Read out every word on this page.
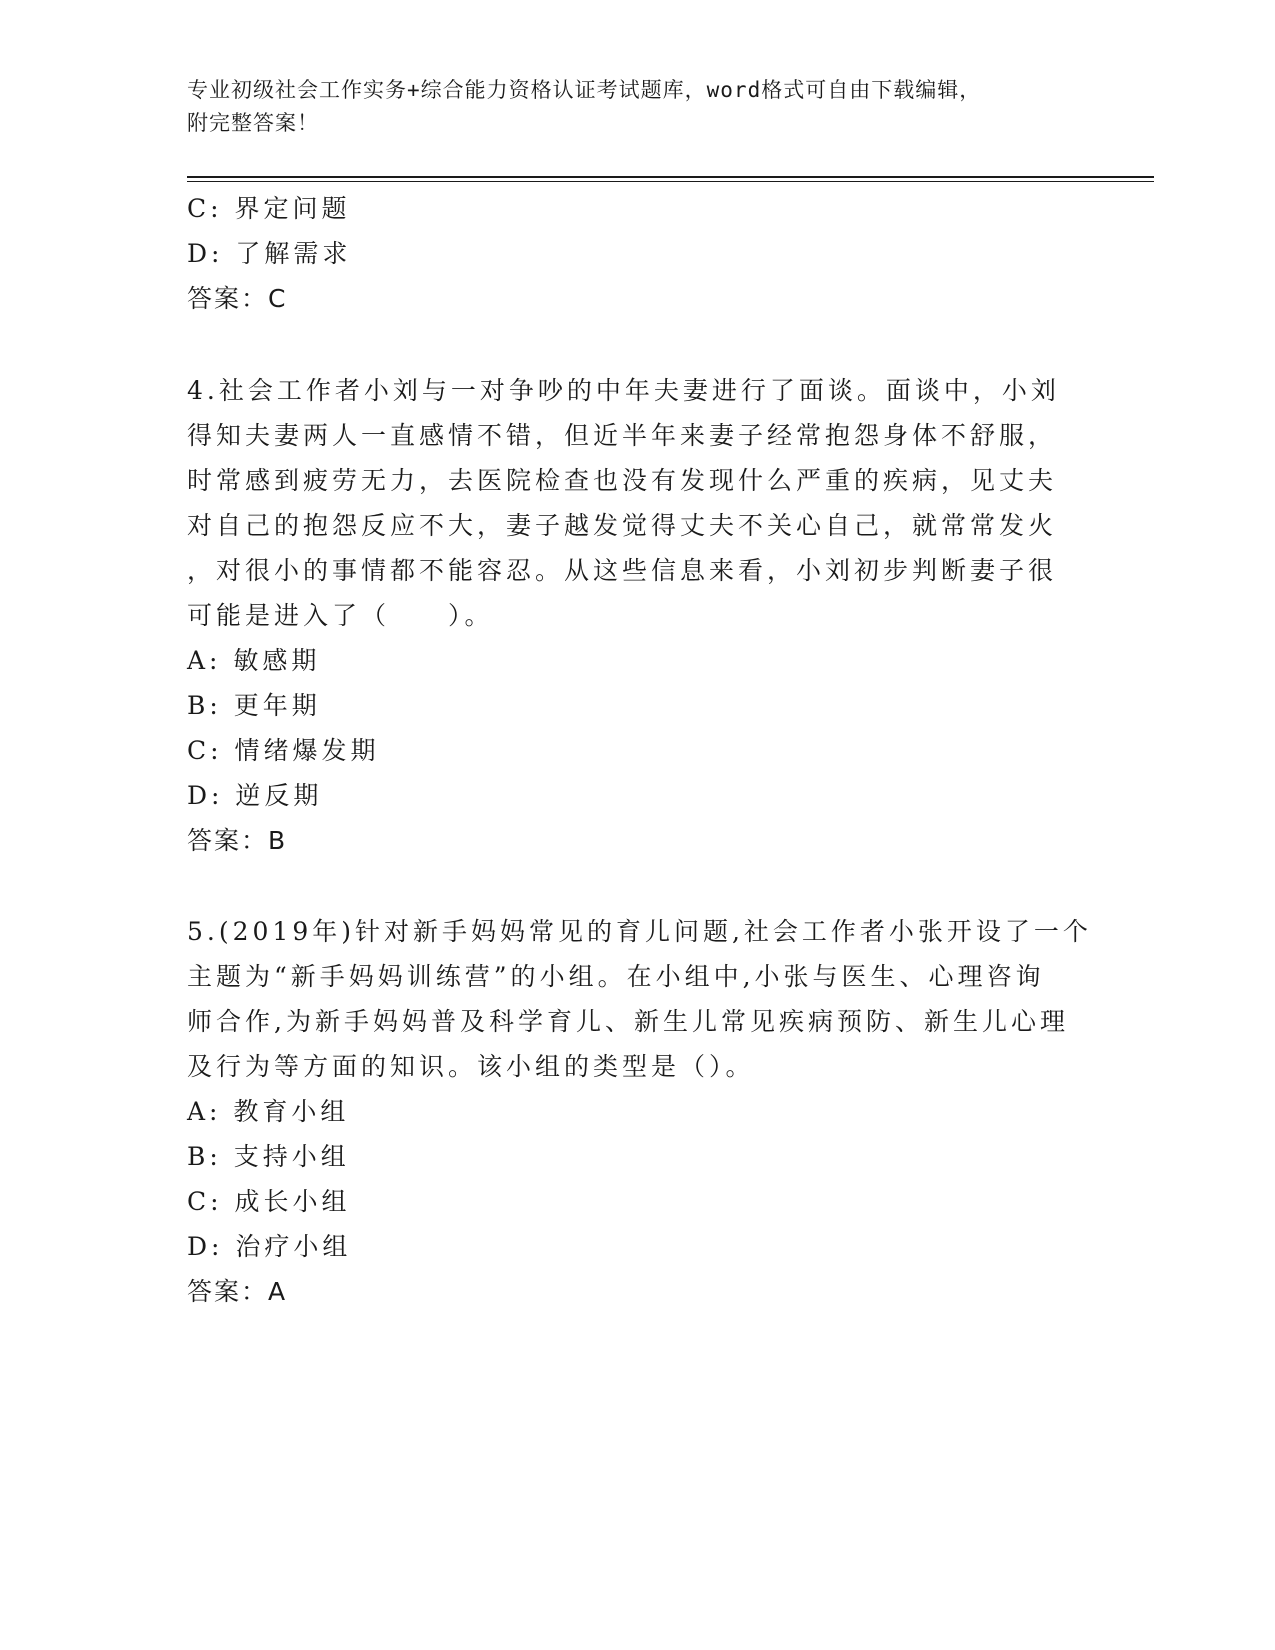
专业初级社会工作实务+综合能力资格认证考试题库，word格式可自由下载编辑，
附完整答案！
C: 界定问题
D: 了解需求
答案：C
4.社会工作者小刘与一对争吵的中年夫妻进行了面谈。面谈中，小刘
得知夫妻两人一直感情不错，但近半年来妻子经常抱怨身体不舒服，
时常感到疲劳无力，去医院检查也没有发现什么严重的疾病，见丈夫
对自己的抱怨反应不大，妻子越发觉得丈夫不关心自己，就常常发火
，对很小的事情都不能容忍。从这些信息来看，小刘初步判断妻子很
可能是进入了（　　）。
A: 敏感期
B: 更年期
C: 情绪爆发期
D: 逆反期
答案：B
5.(2019年)针对新手妈妈常见的育儿问题,社会工作者小张开设了一个
主题为“新手妈妈训练营”的小组。在小组中,小张与医生、心理咨询
师合作,为新手妈妈普及科学育儿、新生儿常见疾病预防、新生儿心理
及行为等方面的知识。该小组的类型是（）。
A: 教育小组
B: 支持小组
C: 成长小组
D: 治疗小组
答案：A
